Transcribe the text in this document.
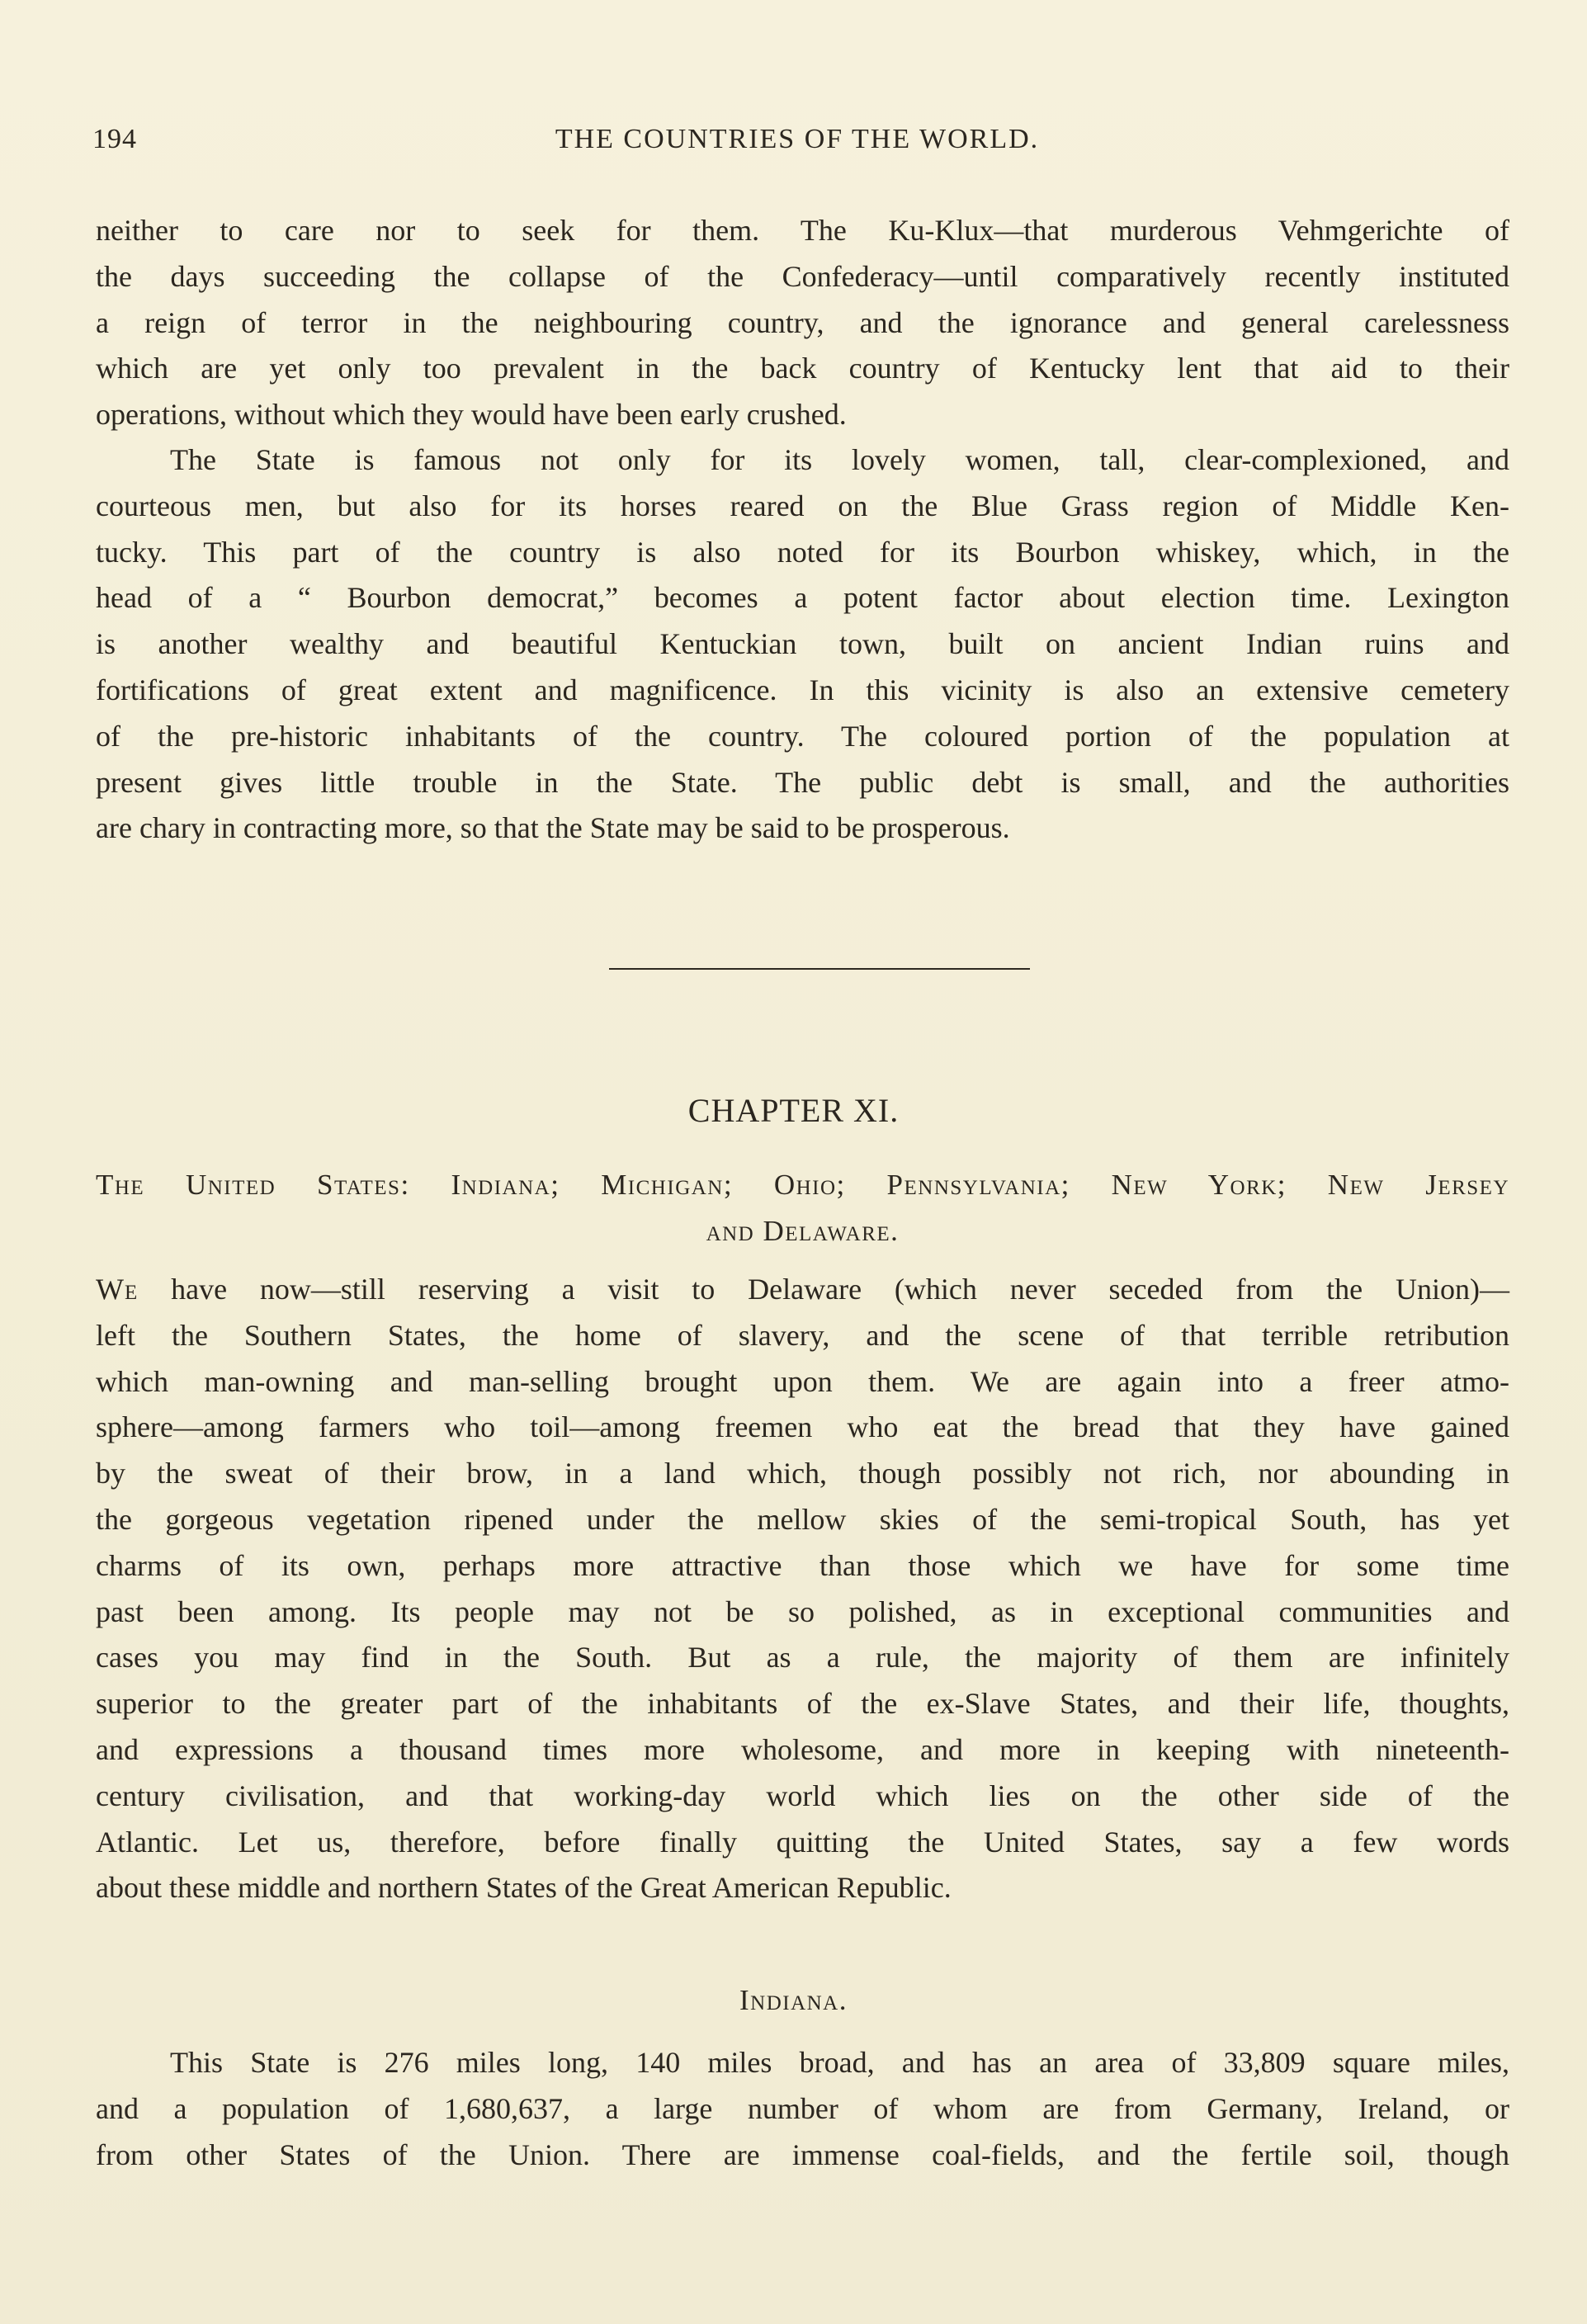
194	THE COUNTRIES OF THE WORLD.

neither to care nor to seek for them. The Ku-Klux—that murderous Vehmgerichte of
the days succeeding the collapse of the Confederacy—until comparatively recently instituted
a reign of terror in the neighbouring country, and the ignorance and general carelessness
which are yet only too prevalent in the back country of Kentucky lent that aid to their
operations, without which they would have been early crushed.

The State is famous not only for its lovely women, tall, clear-complexioned, and
courteous men, but also for its horses reared on the Blue Grass region of Middle Ken-
tucky. This part of the country is also noted for its Bourbon whiskey, which, in the
head of a “ Bourbon democrat,” becomes a potent factor about election time. Lexington
is another wealthy and beautiful Kentuckian town, built on ancient Indian ruins and
fortifications of great extent and magnificence. In this vicinity is also an extensive cemetery
of the pre-historic inhabitants of the country. The coloured portion of the population at
present gives little trouble in the State. The public debt is small, and the authorities
are chary in contracting more, so that the State may be said to be prosperous.

CHAPTER XI.
The United States: Indiana; Michigan; Ohio; Pennsylvania; New York; New Jersey
and Delaware.

We have now—still reserving a visit to Delaware (which never seceded from the Union)—
left the Southern States, the home of slavery, and the scene of that terrible retribution
which man-owning and man-selling brought upon them. We are again into a freer atmo-
sphere—among farmers who toil—among freemen who eat the bread that they have gained
by the sweat of their brow, in a land which, though possibly not rich, nor abounding in
the gorgeous vegetation ripened under the mellow skies of the semi-tropical South, has yet
charms of its own, perhaps more attractive than those which we have for some time
past been among. Its people may not be so polished, as in exceptional communities and
cases you may find in the South. But as a rule, the majority of them are infinitely
superior to the greater part of the inhabitants of the ex-Slave States, and their life, thoughts,
and expressions a thousand times more wholesome, and more in keeping with nineteenth-
century civilisation, and that working-day world which lies on the other side of the
Atlantic. Let us, therefore, before finally quitting the United States, say a few words
about these middle and northern States of the Great American Republic.

Indiana.

This State is 276 miles long, 140 miles broad, and has an area of 33,809 square miles,
and a population of 1,680,637, a large number of whom are from Germany, Ireland, or
from other States of the Union. There are immense coal-fields, and the fertile soil, though
